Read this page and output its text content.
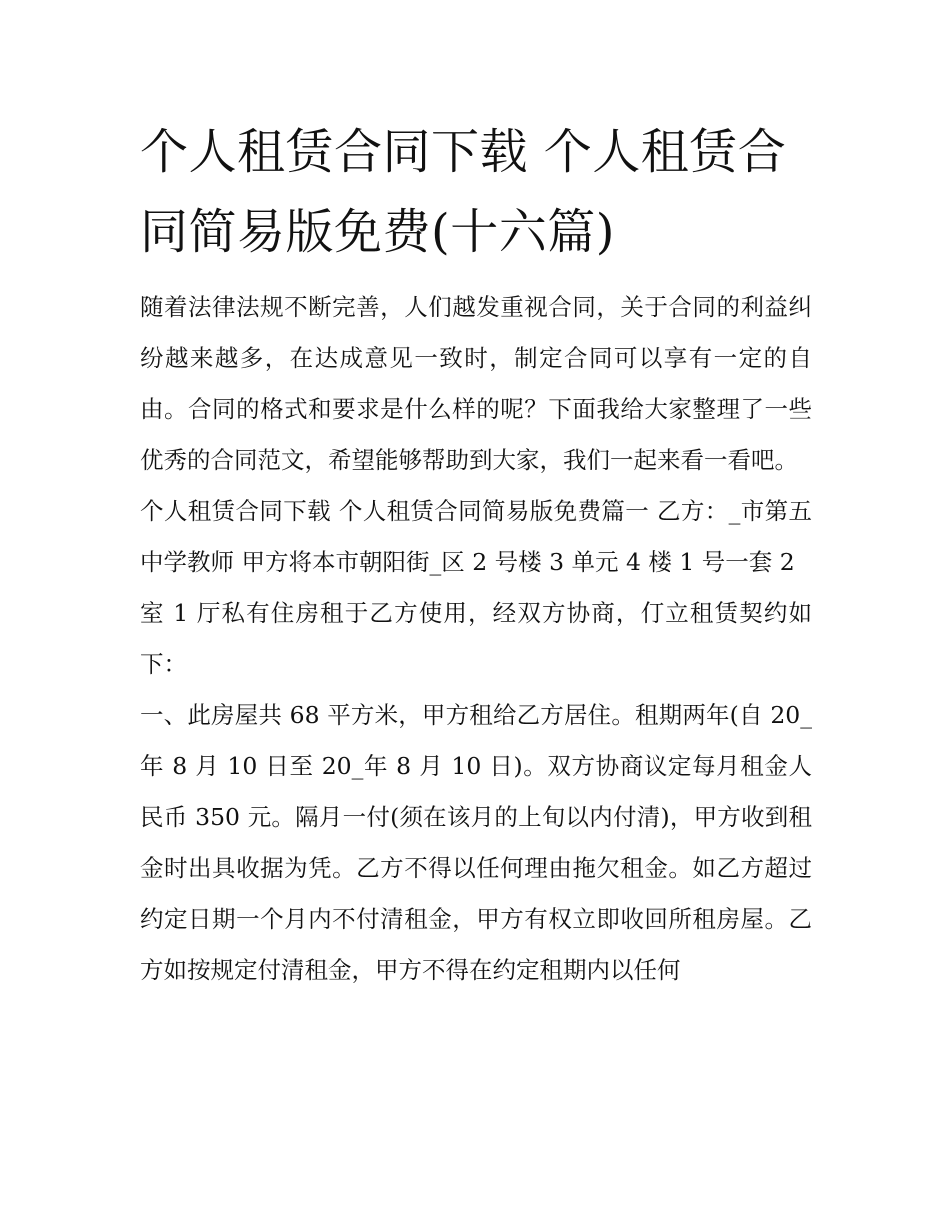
个人租赁合同下载 个人租赁合同简易版免费(十六篇)

随着法律法规不断完善，人们越发重视合同，关于合同的利益纠纷越来越多，在达成意见一致时，制定合同可以享有一定的自由。合同的格式和要求是什么样的呢？下面我给大家整理了一些优秀的合同范文，希望能够帮助到大家，我们一起来看一看吧。

个人租赁合同下载 个人租赁合同简易版免费篇一 乙方：_市第五中学教师 甲方将本市朝阳街_区 2 号楼 3 单元 4 楼 1 号一套 2

室 1 厅私有住房租于乙方使用，经双方协商，仃立租赁契约如下：

一、此房屋共 68 平方米，甲方租给乙方居住。租期两年(自 20_年 8 月 10 日至 20_年 8 月 10 日)。双方协商议定每月租金人民币 350 元。隔月一付(须在该月的上旬以内付清)，甲方收到租金时出具收据为凭。乙方不得以任何理由拖欠租金。如乙方超过约定日期一个月内不付清租金，甲方有权立即收回所租房屋。乙方如按规定付清租金，甲方不得在约定租期内以任何
